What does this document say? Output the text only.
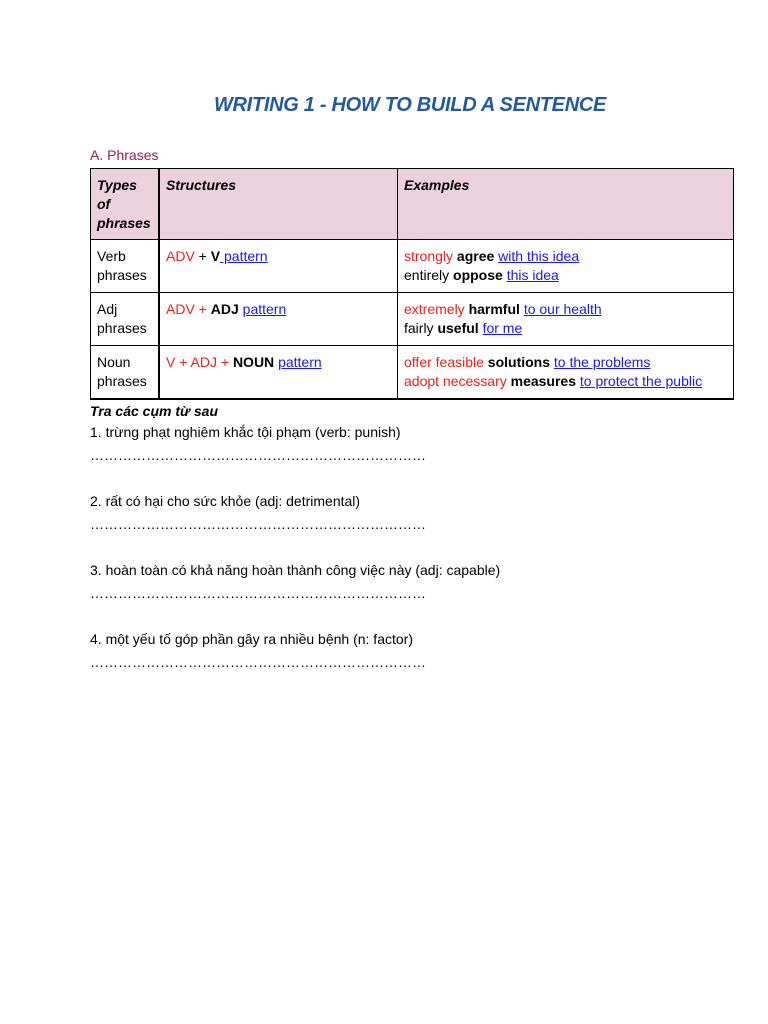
WRITING 1 - HOW TO BUILD A SENTENCE
A. Phrases
Types of phrases	Structures	Examples
Verb phrases	ADV + V pattern	strongly agree with this idea
entirely oppose this idea

Adj phrases	ADV + ADJ pattern	extremely harmful to our health
fairly useful for me

Noun phrases	V + ADJ + NOUN pattern	offer feasible solutions to the problems
adopt necessary measures to protect the public
Tra các cụm từ sau
1. trừng phạt nghiêm khắc tội phạm (verb: punish)
………………………………………………………………
2. rất có hại cho sức khỏe (adj: detrimental)
………………………………………………………………
3. hoàn toàn có khả năng hoàn thành công việc này (adj: capable)
………………………………………………………………
4. một yếu tố góp phần gây ra nhiều bệnh (n: factor)
………………………………………………………………
